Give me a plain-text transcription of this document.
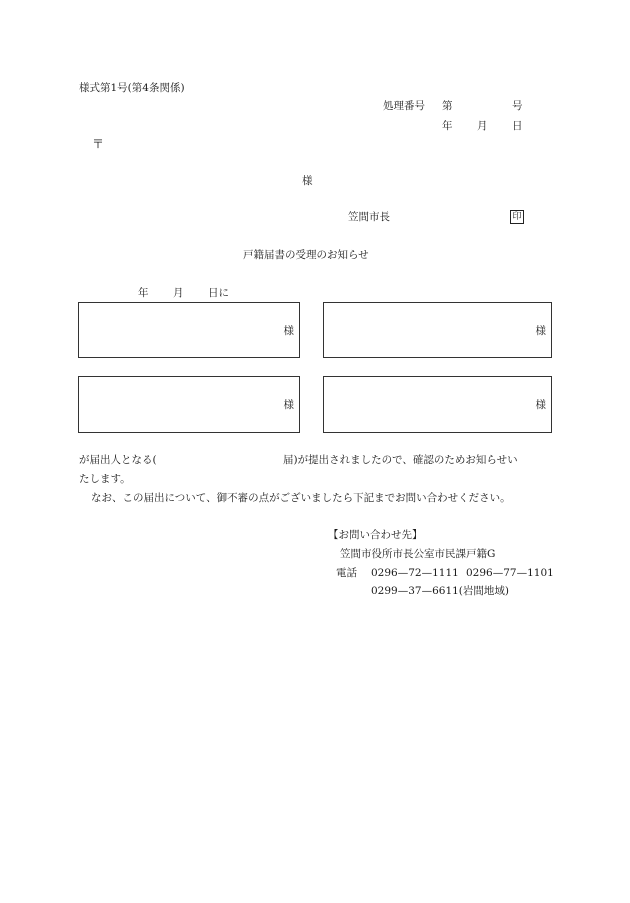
様式第1号(第4条関係)
処理番号 第	号
年 月 日
〒
様
笠間市長	印
戸籍届書の受理のお知らせ
年 月 日に
様	様
様	様
が届出人となる(	届)が提出されましたので、確認のためお知らせい
たします。
なお、この届出について、御不審の点がございましたら下記までお問い合わせください。
【お問い合わせ先】
笠間市役所市長公室市民課戸籍G
電話 0296—72—1111 0296—77—1101
0299—37—6611(岩間地域)
